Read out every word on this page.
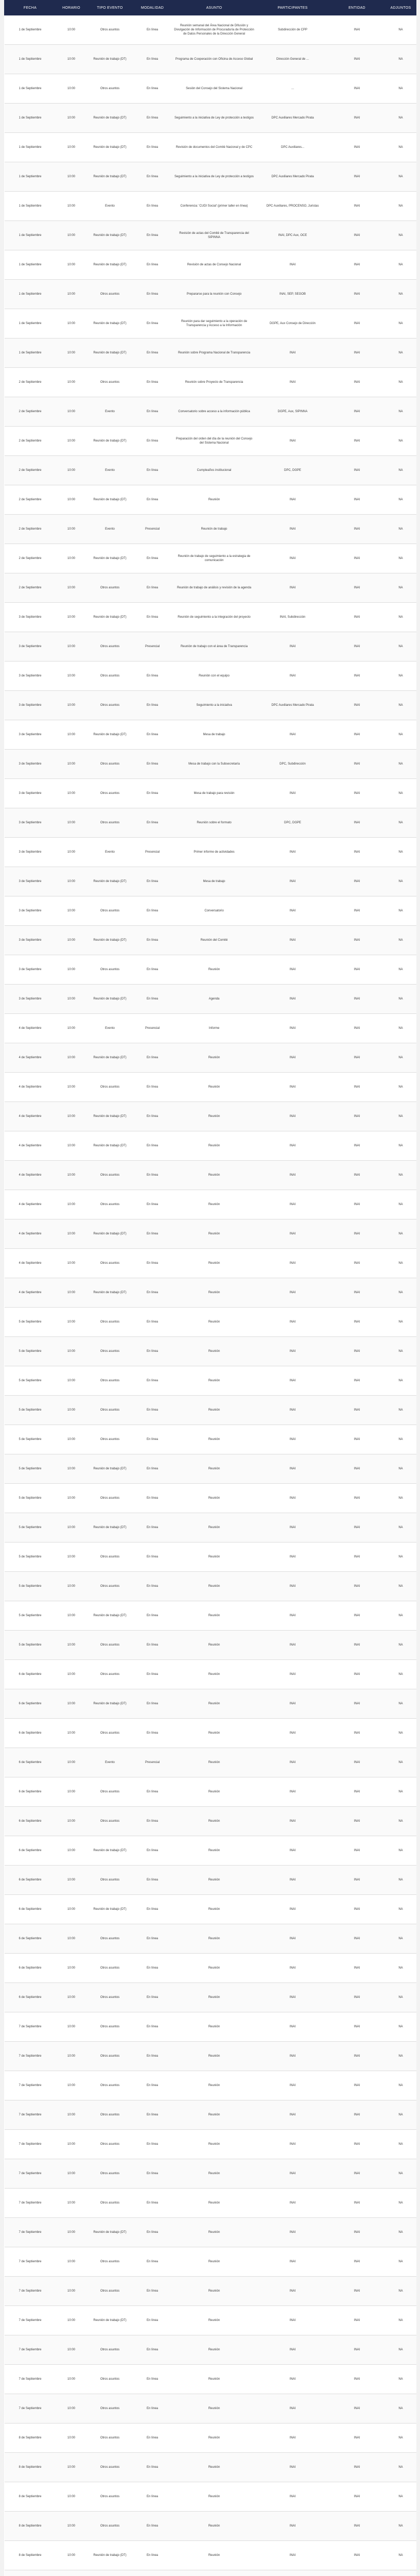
FECHA	HORARIO	TIPO EVENTO	MODALIDAD	ASUNTO	PARTICIPANTES	ENTIDAD	ADJUNTOS
1 de Septiembre	10:00	Otros asuntos	En línea	Reunión semanal del Área Nacional de Difusión y Divulgación de Información de Procuraduría de Protección de Datos Personales de la Dirección General	Subdirección de CPP	INAI	NA
1 de Septiembre	10:00	Reunión de trabajo (DT)	En línea	Programa de Cooperación con Oficina de Acceso Global	Dirección General de ...	INAI	NA
1 de Septiembre	10:00	Otros asuntos	En línea	Sesión del Consejo del Sistema Nacional	...	INAI	NA
1 de Septiembre	10:00	Reunión de trabajo (DT)	En línea	Seguimiento a la iniciativa de Ley de protección a testigos	DPC Auxiliares Mercado Pirata	INAI	NA
1 de Septiembre	10:00	Reunión de trabajo (DT)	En línea	Revisión de documentos del Comité Nacional y de CPC	DPC Auxiliares...	INAI	NA
1 de Septiembre	10:00	Reunión de trabajo (DT)	En línea	Seguimiento a la iniciativa de Ley de protección a testigos	DPC Auxiliares Mercado Pirata	INAI	NA
1 de Septiembre	10:00	Evento	En línea	Conferencia: 'CUDI Social' (primer taller en línea)	DPC Auxiliares, PROCENSO, Juristas	INAI	NA
1 de Septiembre	10:00	Reunión de trabajo (DT)	En línea	Revisión de actas del Comité de Transparencia del SIPINNA	INAI, DPC Aux, OCE	INAI	NA
1 de Septiembre	10:00	Reunión de trabajo (DT)	En línea	Revisión de actas de Consejo Nacional	INAI	INAI	NA
1 de Septiembre	10:00	Otros asuntos	En línea	Prepararse para la reunión con Consejo	INAI, SEP, SEGOB	INAI	NA
1 de Septiembre	10:00	Reunión de trabajo (DT)	En línea	Reunión para dar seguimiento a la operación de Transparencia y Acceso a la Información	DGPE, Aux Consejo de Dirección	INAI	NA
1 de Septiembre	10:00	Reunión de trabajo (DT)	En línea	Reunión sobre Programa Nacional de Transparencia	INAI	INAI	NA
2 de Septiembre	10:00	Otros asuntos	En línea	Reunión sobre Proyecto de Transparencia	INAI	INAI	NA
2 de Septiembre	10:00	Evento	En línea	Conversatorio sobre acceso a la información pública	DGPE, Aux, SIPINNA	INAI	NA
2 de Septiembre	10:00	Reunión de trabajo (DT)	En línea	Preparación del orden del día de la reunión del Consejo del Sistema Nacional	INAI	INAI	NA
2 de Septiembre	10:00	Evento	En línea	Cumpleaños institucional	DPC, DGPE	INAI	NA
2 de Septiembre	10:00	Reunión de trabajo (DT)	En línea	Reunión	INAI	INAI	NA
2 de Septiembre	10:00	Evento	Presencial	Reunión de trabajo	INAI	INAI	NA
2 de Septiembre	10:00	Reunión de trabajo (DT)	En línea	Reunión de trabajo de seguimiento a la estrategia de comunicación	INAI	INAI	NA
2 de Septiembre	10:00	Otros asuntos	En línea	Reunión de trabajo de análisis y revisión de la agenda	INAI	INAI	NA
3 de Septiembre	10:00	Reunión de trabajo (DT)	En línea	Reunión de seguimiento a la integración del proyecto	INAI, Subdirección	INAI	NA
3 de Septiembre	10:00	Otros asuntos	Presencial	Reunión de trabajo con el área de Transparencia	INAI	INAI	NA
3 de Septiembre	10:00	Otros asuntos	En línea	Reunión con el equipo	INAI	INAI	NA
3 de Septiembre	10:00	Otros asuntos	En línea	Seguimiento a la iniciativa	DPC Auxiliares Mercado Pirata	INAI	NA
3 de Septiembre	10:00	Reunión de trabajo (DT)	En línea	Mesa de trabajo	INAI	INAI	NA
3 de Septiembre	10:00	Otros asuntos	En línea	Mesa de trabajo con la Subsecretaría	DPC, Subdirección	INAI	NA
3 de Septiembre	10:00	Otros asuntos	En línea	Mesa de trabajo para revisión	INAI	INAI	NA
3 de Septiembre	10:00	Otros asuntos	En línea	Reunión sobre el formato	DPC, DGPE	INAI	NA
3 de Septiembre	10:00	Evento	Presencial	Primer informe de actividades	INAI	INAI	NA
3 de Septiembre	10:00	Reunión de trabajo (DT)	En línea	Mesa de trabajo	INAI	INAI	NA
3 de Septiembre	10:00	Otros asuntos	En línea	Conversatorio	INAI	INAI	NA
3 de Septiembre	10:00	Reunión de trabajo (DT)	En línea	Reunión del Comité	INAI	INAI	NA
3 de Septiembre	10:00	Otros asuntos	En línea	Reunión	INAI	INAI	NA
3 de Septiembre	10:00	Reunión de trabajo (DT)	En línea	Agenda	INAI	INAI	NA
4 de Septiembre	10:00	Evento	Presencial	Informe	INAI	INAI	NA
4 de Septiembre	10:00	Reunión de trabajo (DT)	En línea	Reunión	INAI	INAI	NA
4 de Septiembre	10:00	Otros asuntos	En línea	Reunión	INAI	INAI	NA
4 de Septiembre	10:00	Reunión de trabajo (DT)	En línea	Reunión	INAI	INAI	NA
4 de Septiembre	10:00	Reunión de trabajo (DT)	En línea	Reunión	INAI	INAI	NA
4 de Septiembre	10:00	Otros asuntos	En línea	Reunión	INAI	INAI	NA
4 de Septiembre	10:00	Otros asuntos	En línea	Reunión	INAI	INAI	NA
4 de Septiembre	10:00	Reunión de trabajo (DT)	En línea	Reunión	INAI	INAI	NA
4 de Septiembre	10:00	Otros asuntos	En línea	Reunión	INAI	INAI	NA
4 de Septiembre	10:00	Reunión de trabajo (DT)	En línea	Reunión	INAI	INAI	NA
5 de Septiembre	10:00	Otros asuntos	En línea	Reunión	INAI	INAI	NA
5 de Septiembre	10:00	Otros asuntos	En línea	Reunión	INAI	INAI	NA
5 de Septiembre	10:00	Otros asuntos	En línea	Reunión	INAI	INAI	NA
5 de Septiembre	10:00	Otros asuntos	En línea	Reunión	INAI	INAI	NA
5 de Septiembre	10:00	Otros asuntos	En línea	Reunión	INAI	INAI	NA
5 de Septiembre	10:00	Reunión de trabajo (DT)	En línea	Reunión	INAI	INAI	NA
5 de Septiembre	10:00	Otros asuntos	En línea	Reunión	INAI	INAI	NA
5 de Septiembre	10:00	Reunión de trabajo (DT)	En línea	Reunión	INAI	INAI	NA
5 de Septiembre	10:00	Otros asuntos	En línea	Reunión	INAI	INAI	NA
5 de Septiembre	10:00	Otros asuntos	En línea	Reunión	INAI	INAI	NA
5 de Septiembre	10:00	Reunión de trabajo (DT)	En línea	Reunión	INAI	INAI	NA
5 de Septiembre	10:00	Otros asuntos	En línea	Reunión	INAI	INAI	NA
6 de Septiembre	10:00	Otros asuntos	En línea	Reunión	INAI	INAI	NA
6 de Septiembre	10:00	Reunión de trabajo (DT)	En línea	Reunión	INAI	INAI	NA
6 de Septiembre	10:00	Otros asuntos	En línea	Reunión	INAI	INAI	NA
6 de Septiembre	10:00	Evento	Presencial	Reunión	INAI	INAI	NA
6 de Septiembre	10:00	Otros asuntos	En línea	Reunión	INAI	INAI	NA
6 de Septiembre	10:00	Otros asuntos	En línea	Reunión	INAI	INAI	NA
6 de Septiembre	10:00	Reunión de trabajo (DT)	En línea	Reunión	INAI	INAI	NA
6 de Septiembre	10:00	Otros asuntos	En línea	Reunión	INAI	INAI	NA
6 de Septiembre	10:00	Reunión de trabajo (DT)	En línea	Reunión	INAI	INAI	NA
6 de Septiembre	10:00	Otros asuntos	En línea	Reunión	INAI	INAI	NA
6 de Septiembre	10:00	Otros asuntos	En línea	Reunión	INAI	INAI	NA
6 de Septiembre	10:00	Otros asuntos	En línea	Reunión	INAI	INAI	NA
7 de Septiembre	10:00	Otros asuntos	En línea	Reunión	INAI	INAI	NA
7 de Septiembre	10:00	Otros asuntos	En línea	Reunión	INAI	INAI	NA
7 de Septiembre	10:00	Otros asuntos	En línea	Reunión	INAI	INAI	NA
7 de Septiembre	10:00	Otros asuntos	En línea	Reunión	INAI	INAI	NA
7 de Septiembre	10:00	Otros asuntos	En línea	Reunión	INAI	INAI	NA
7 de Septiembre	10:00	Otros asuntos	En línea	Reunión	INAI	INAI	NA
7 de Septiembre	10:00	Otros asuntos	En línea	Reunión	INAI	INAI	NA
7 de Septiembre	10:00	Reunión de trabajo (DT)	En línea	Reunión	INAI	INAI	NA
7 de Septiembre	10:00	Otros asuntos	En línea	Reunión	INAI	INAI	NA
7 de Septiembre	10:00	Otros asuntos	En línea	Reunión	INAI	INAI	NA
7 de Septiembre	10:00	Reunión de trabajo (DT)	En línea	Reunión	INAI	INAI	NA
7 de Septiembre	10:00	Otros asuntos	En línea	Reunión	INAI	INAI	NA
7 de Septiembre	10:00	Otros asuntos	En línea	Reunión	INAI	INAI	NA
7 de Septiembre	10:00	Otros asuntos	En línea	Reunión	INAI	INAI	NA
8 de Septiembre	10:00	Otros asuntos	En línea	Reunión	INAI	INAI	NA
8 de Septiembre	10:00	Otros asuntos	En línea	Reunión	INAI	INAI	NA
8 de Septiembre	10:00	Otros asuntos	En línea	Reunión	INAI	INAI	NA
8 de Septiembre	10:00	Otros asuntos	En línea	Reunión	INAI	INAI	NA
8 de Septiembre	10:00	Reunión de trabajo (DT)	En línea	Reunión	INAI	INAI	NA
